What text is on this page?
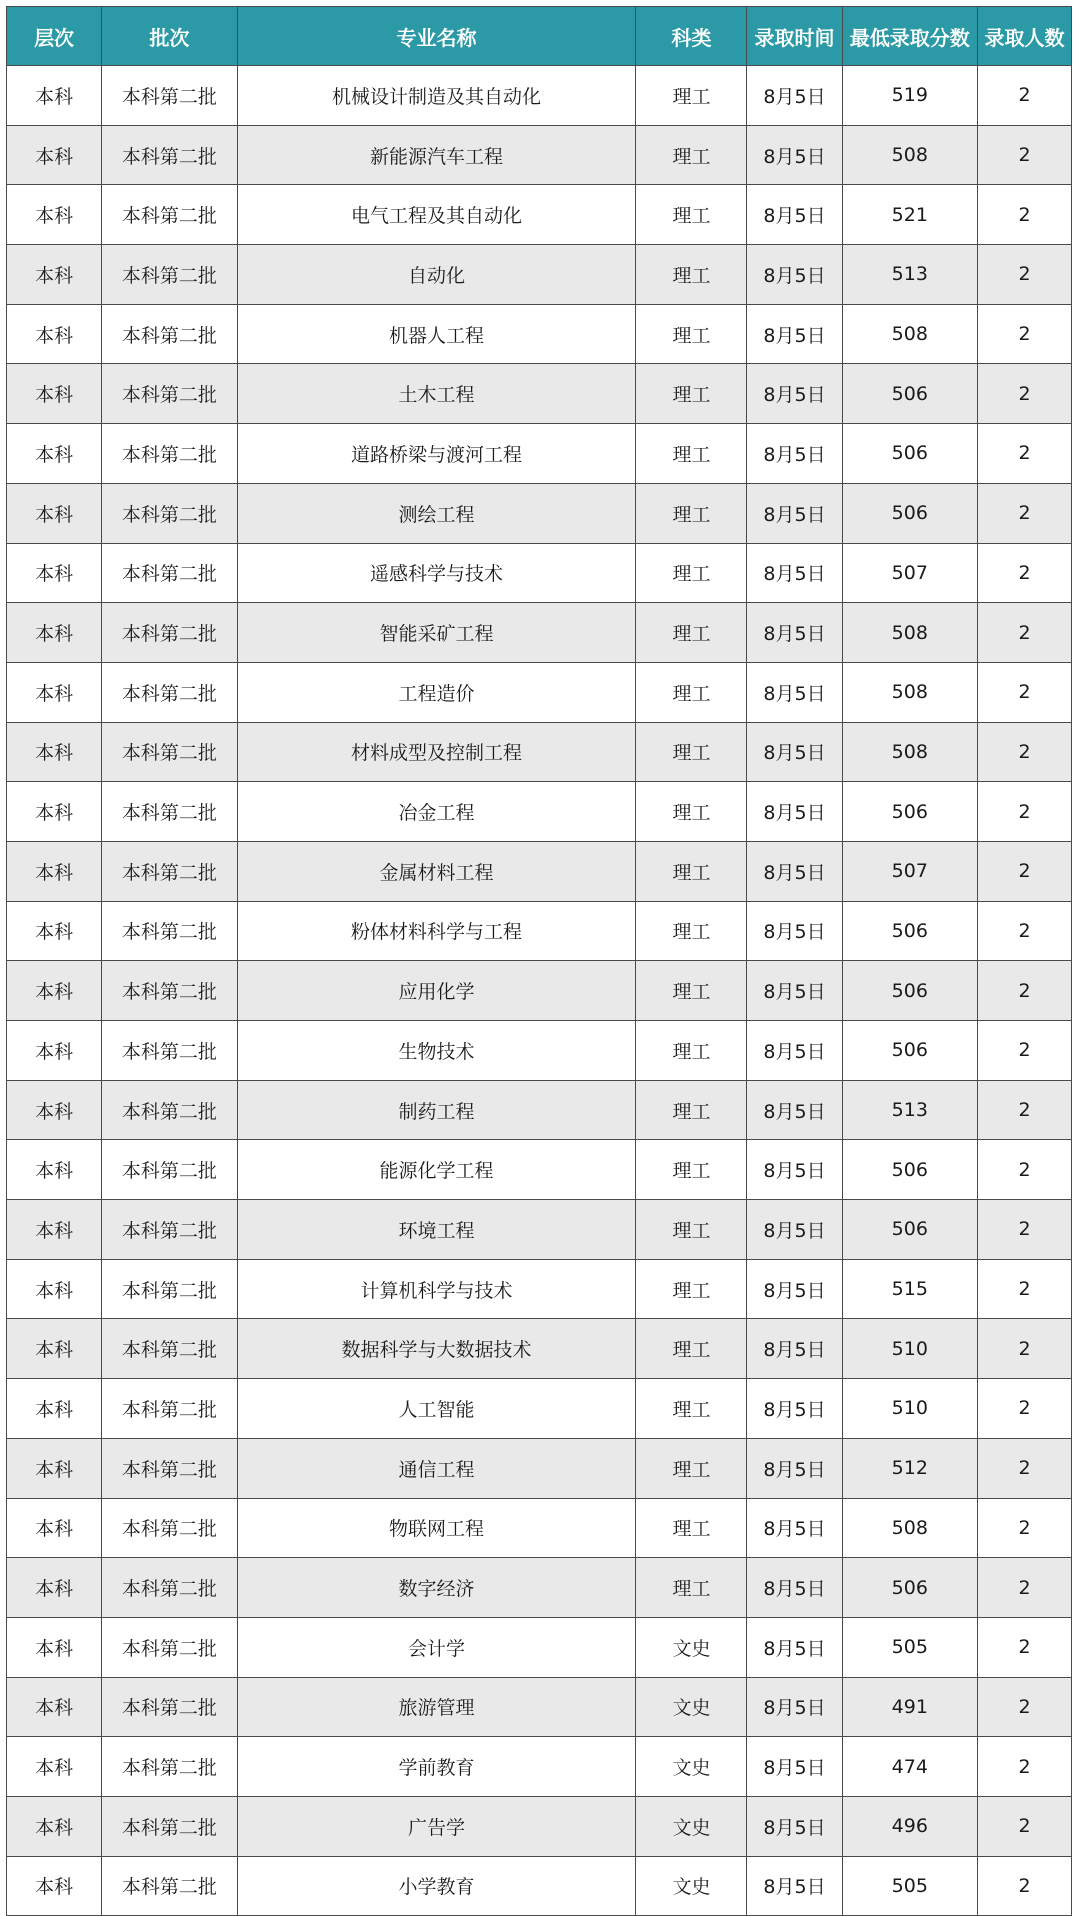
层次	批次	专业名称	科类	录取时间	最低录取分数	录取人数
本科	本科第二批	机械设计制造及其自动化	理工	8月5日	519	2
本科	本科第二批	新能源汽车工程	理工	8月5日	508	2
本科	本科第二批	电气工程及其自动化	理工	8月5日	521	2
本科	本科第二批	自动化	理工	8月5日	513	2
本科	本科第二批	机器人工程	理工	8月5日	508	2
本科	本科第二批	土木工程	理工	8月5日	506	2
本科	本科第二批	道路桥梁与渡河工程	理工	8月5日	506	2
本科	本科第二批	测绘工程	理工	8月5日	506	2
本科	本科第二批	遥感科学与技术	理工	8月5日	507	2
本科	本科第二批	智能采矿工程	理工	8月5日	508	2
本科	本科第二批	工程造价	理工	8月5日	508	2
本科	本科第二批	材料成型及控制工程	理工	8月5日	508	2
本科	本科第二批	冶金工程	理工	8月5日	506	2
本科	本科第二批	金属材料工程	理工	8月5日	507	2
本科	本科第二批	粉体材料科学与工程	理工	8月5日	506	2
本科	本科第二批	应用化学	理工	8月5日	506	2
本科	本科第二批	生物技术	理工	8月5日	506	2
本科	本科第二批	制药工程	理工	8月5日	513	2
本科	本科第二批	能源化学工程	理工	8月5日	506	2
本科	本科第二批	环境工程	理工	8月5日	506	2
本科	本科第二批	计算机科学与技术	理工	8月5日	515	2
本科	本科第二批	数据科学与大数据技术	理工	8月5日	510	2
本科	本科第二批	人工智能	理工	8月5日	510	2
本科	本科第二批	通信工程	理工	8月5日	512	2
本科	本科第二批	物联网工程	理工	8月5日	508	2
本科	本科第二批	数字经济	理工	8月5日	506	2
本科	本科第二批	会计学	文史	8月5日	505	2
本科	本科第二批	旅游管理	文史	8月5日	491	2
本科	本科第二批	学前教育	文史	8月5日	474	2
本科	本科第二批	广告学	文史	8月5日	496	2
本科	本科第二批	小学教育	文史	8月5日	505	2
